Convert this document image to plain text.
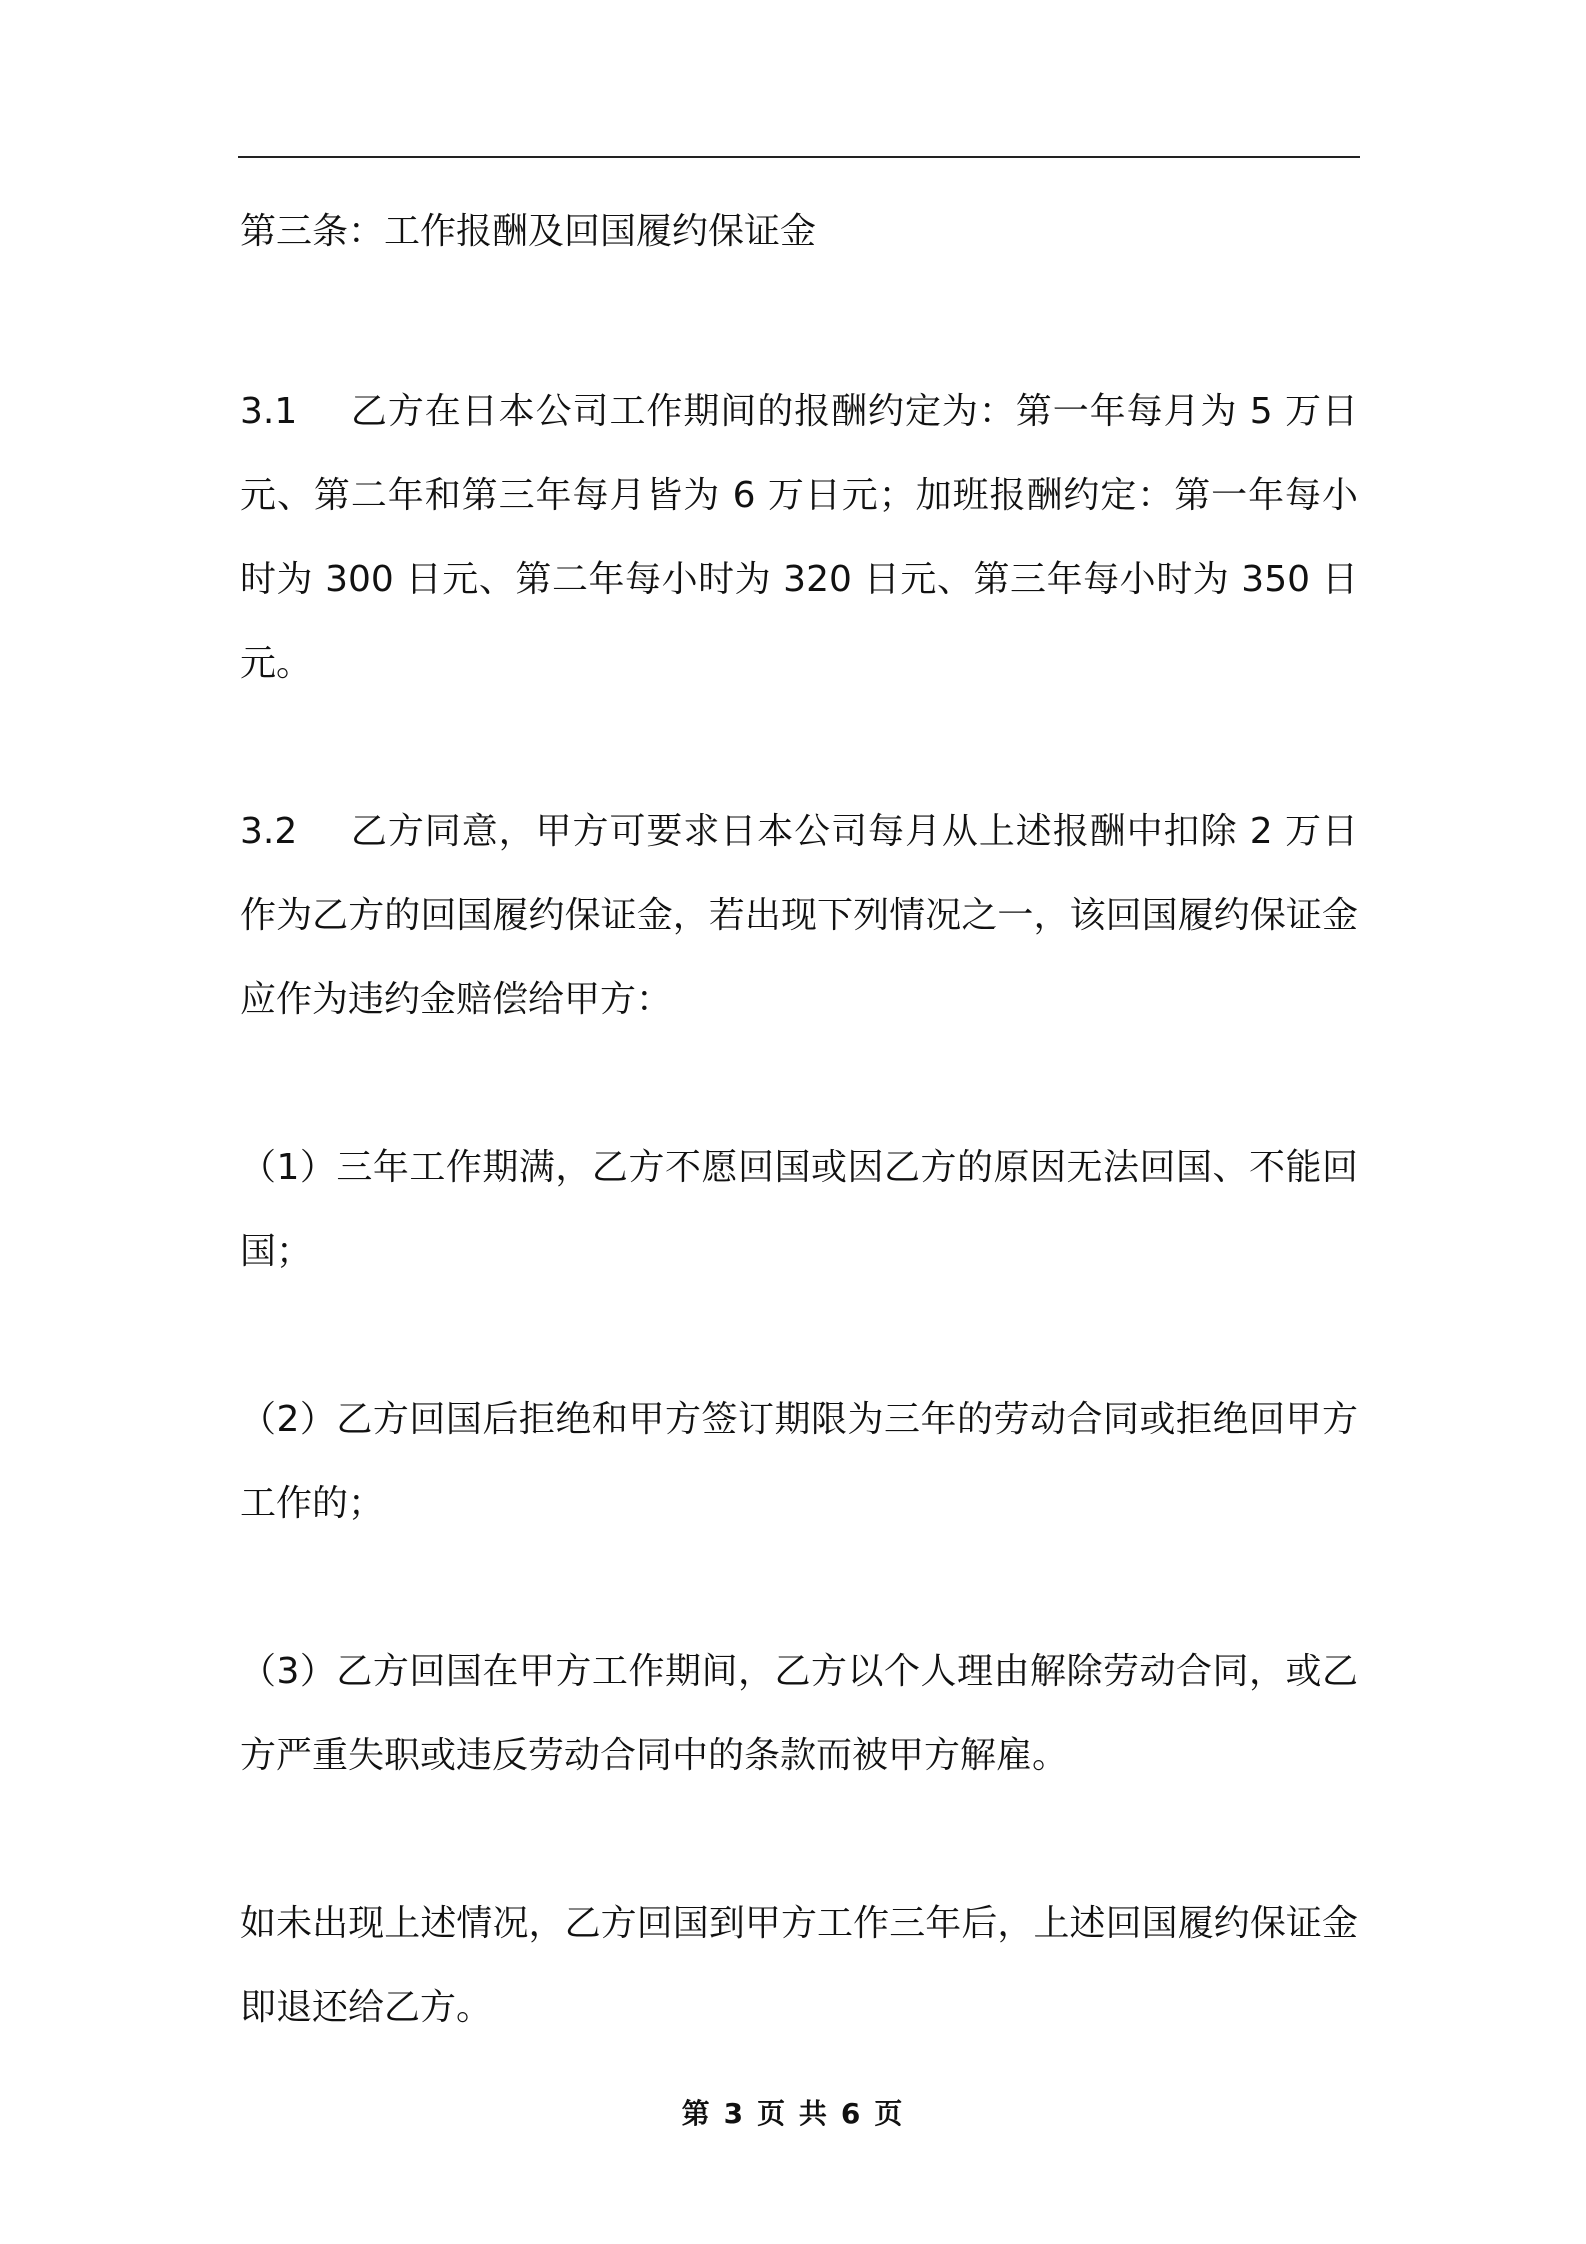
第三条：工作报酬及回国履约保证金

3.1 乙方在日本公司工作期间的报酬约定为：第一年每月为 5 万日元、第二年和第三年每月皆为 6 万日元；加班报酬约定：第一年每小时为 300 日元、第二年每小时为 320 日元、第三年每小时为 350 日元。

3.2 乙方同意，甲方可要求日本公司每月从上述报酬中扣除 2 万日作为乙方的回国履约保证金，若出现下列情况之一，该回国履约保证金应作为违约金赔偿给甲方：

（1）三年工作期满，乙方不愿回国或因乙方的原因无法回国、不能回国；

（2）乙方回国后拒绝和甲方签订期限为三年的劳动合同或拒绝回甲方工作的；

（3）乙方回国在甲方工作期间，乙方以个人理由解除劳动合同，或乙方严重失职或违反劳动合同中的条款而被甲方解雇。

如未出现上述情况，乙方回国到甲方工作三年后，上述回国履约保证金即退还给乙方。

第 3 页 共 6 页
